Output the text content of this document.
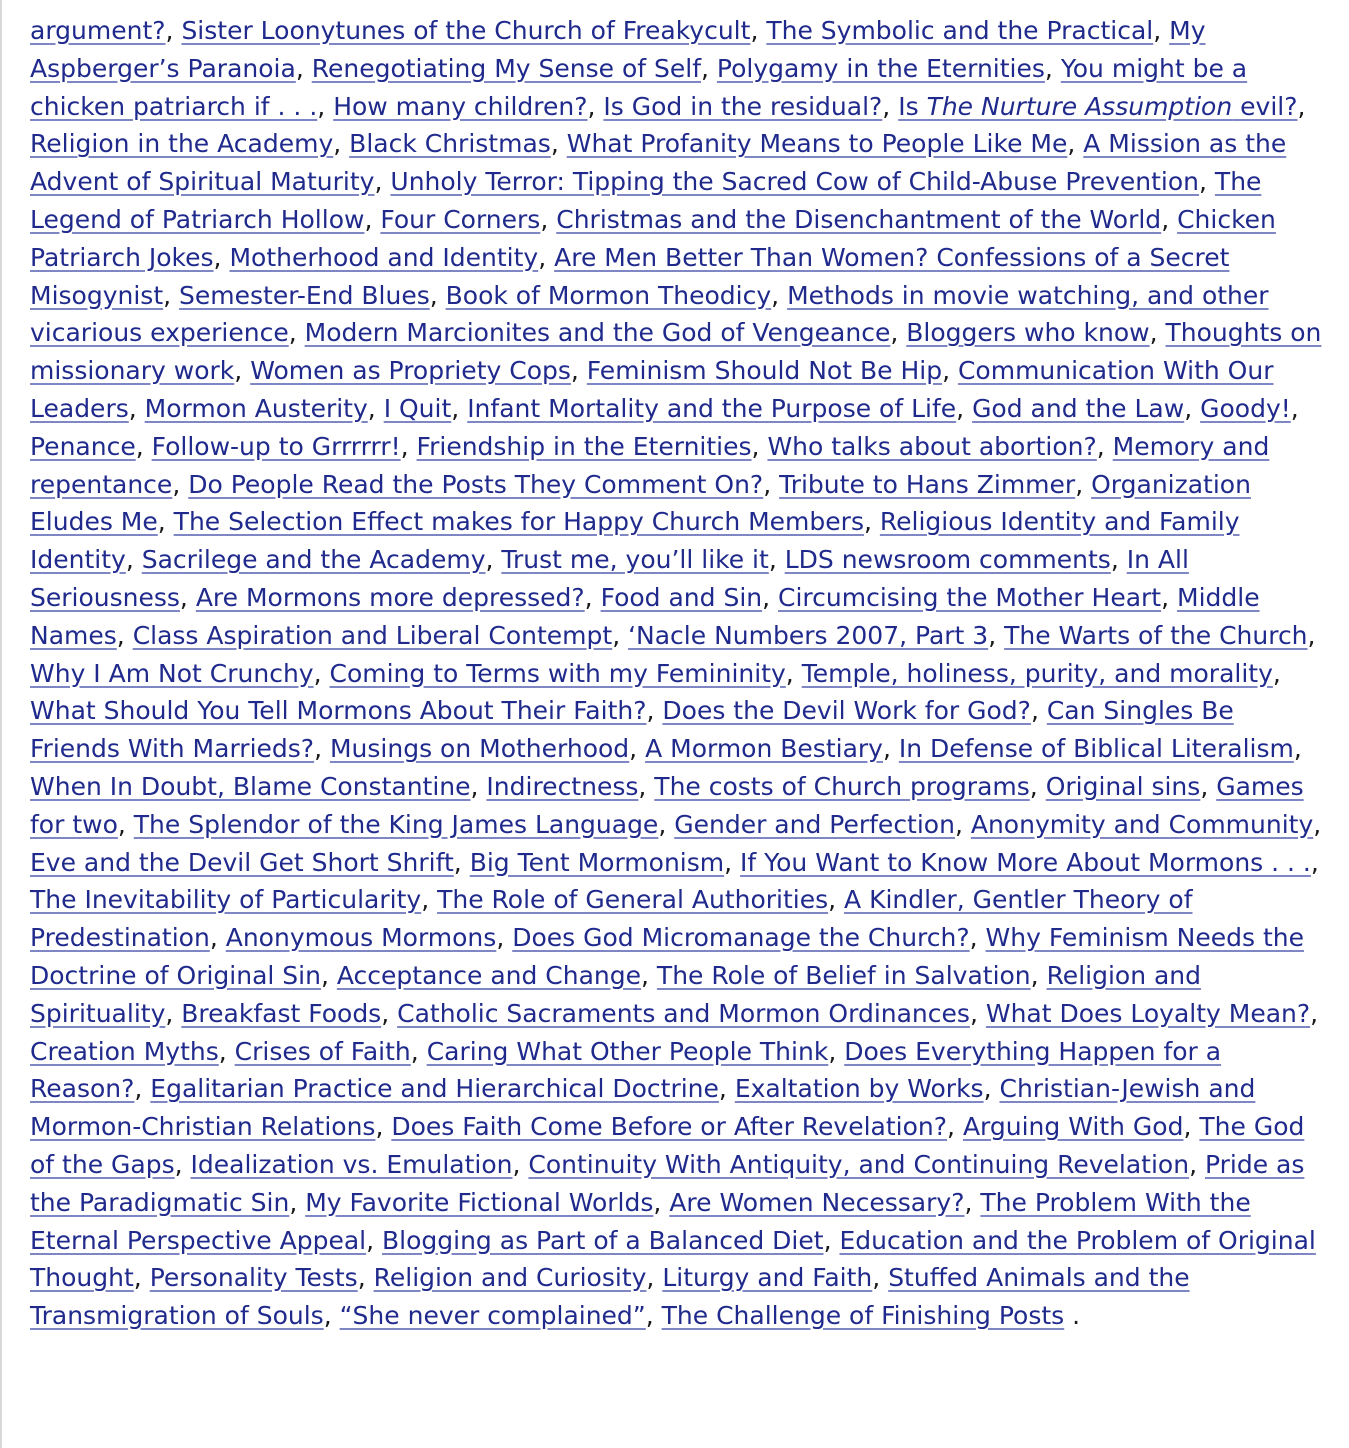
argument?, Sister Loonytunes of the Church of Freakycult, The Symbolic and the Practical, My Aspberger’s Paranoia, Renegotiating My Sense of Self, Polygamy in the Eternities, You might be a chicken patriarch if . . ., How many children?, Is God in the residual?, Is The Nurture Assumption evil?, Religion in the Academy, Black Christmas, What Profanity Means to People Like Me, A Mission as the Advent of Spiritual Maturity, Unholy Terror: Tipping the Sacred Cow of Child-Abuse Prevention, The Legend of Patriarch Hollow, Four Corners, Christmas and the Disenchantment of the World, Chicken Patriarch Jokes, Motherhood and Identity, Are Men Better Than Women? Confessions of a Secret Misogynist, Semester-End Blues, Book of Mormon Theodicy, Methods in movie watching, and other vicarious experience, Modern Marcionites and the God of Vengeance, Bloggers who know, Thoughts on missionary work, Women as Propriety Cops, Feminism Should Not Be Hip, Communication With Our Leaders, Mormon Austerity, I Quit, Infant Mortality and the Purpose of Life, God and the Law, Goody!, Penance, Follow-up to Grrrrrr!, Friendship in the Eternities, Who talks about abortion?, Memory and repentance, Do People Read the Posts They Comment On?, Tribute to Hans Zimmer, Organization Eludes Me, The Selection Effect makes for Happy Church Members, Religious Identity and Family Identity, Sacrilege and the Academy, Trust me, you’ll like it, LDS newsroom comments, In All Seriousness, Are Mormons more depressed?, Food and Sin, Circumcising the Mother Heart, Middle Names, Class Aspiration and Liberal Contempt, ‘Nacle Numbers 2007, Part 3, The Warts of the Church, Why I Am Not Crunchy, Coming to Terms with my Femininity, Temple, holiness, purity, and morality, What Should You Tell Mormons About Their Faith?, Does the Devil Work for God?, Can Singles Be Friends With Marrieds?, Musings on Motherhood, A Mormon Bestiary, In Defense of Biblical Literalism, When In Doubt, Blame Constantine, Indirectness, The costs of Church programs, Original sins, Games for two, The Splendor of the King James Language, Gender and Perfection, Anonymity and Community, Eve and the Devil Get Short Shrift, Big Tent Mormonism, If You Want to Know More About Mormons . . ., The Inevitability of Particularity, The Role of General Authorities, A Kindler, Gentler Theory of Predestination, Anonymous Mormons, Does God Micromanage the Church?, Why Feminism Needs the Doctrine of Original Sin, Acceptance and Change, The Role of Belief in Salvation, Religion and Spirituality, Breakfast Foods, Catholic Sacraments and Mormon Ordinances, What Does Loyalty Mean?, Creation Myths, Crises of Faith, Caring What Other People Think, Does Everything Happen for a Reason?, Egalitarian Practice and Hierarchical Doctrine, Exaltation by Works, Christian-Jewish and Mormon-Christian Relations, Does Faith Come Before or After Revelation?, Arguing With God, The God of the Gaps, Idealization vs. Emulation, Continuity With Antiquity, and Continuing Revelation, Pride as the Paradigmatic Sin, My Favorite Fictional Worlds, Are Women Necessary?, The Problem With the Eternal Perspective Appeal, Blogging as Part of a Balanced Diet, Education and the Problem of Original Thought, Personality Tests, Religion and Curiosity, Liturgy and Faith, Stuffed Animals and the Transmigration of Souls, “She never complained”, The Challenge of Finishing Posts .
